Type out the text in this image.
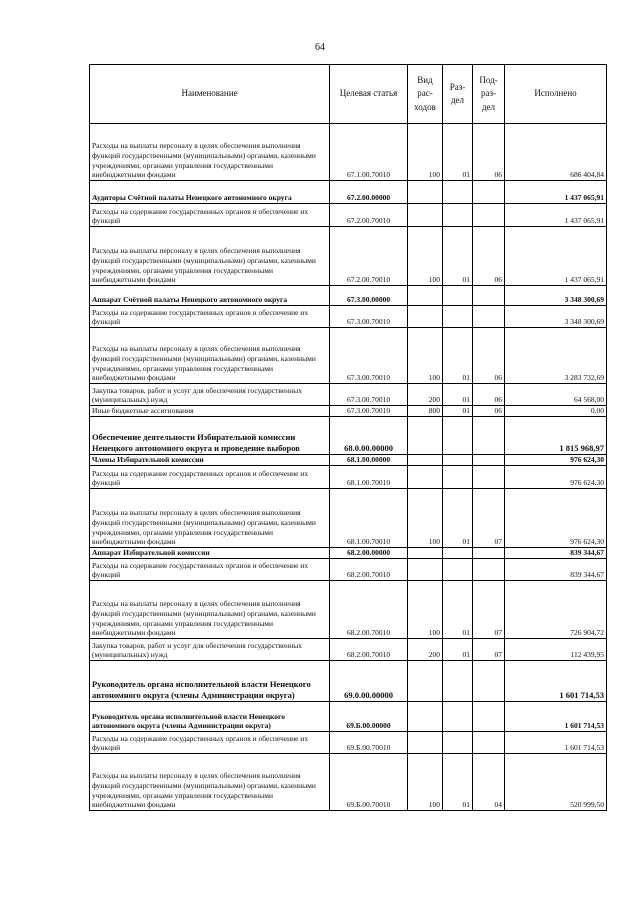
64
Наименование	Целевая статья	Вид рас-ходов	Раз-дел	Под-раз-дел	Исполнено
Расходы на выплаты персоналу в целях обеспечения выполнения функций государственными (муниципальными) органами, казенными учреждениями, органами управления государственными внебюджетными фондами	67.1.00.70010	100	01	06	686 404,84
Аудиторы Счётной палаты Ненецкого автономного округа	67.2.00.00000				1 437 065,91
Расходы на содержание государственных органов и обеспечение их функций	67.2.00.70010				1 437 065,91
Расходы на выплаты персоналу в целях обеспечения выполнения функций государственными (муниципальными) органами, казенными учреждениями, органами управления государственными внебюджетными фондами	67.2.00.70010	100	01	06	1 437 065,91
Аппарат Счётной палаты Ненецкого автономного округа	67.3.00.00000				3 348 300,69
Расходы на содержание государственных органов и обеспечение их функций	67.3.00.70010				3 348 300,69
Расходы на выплаты персоналу в целях обеспечения выполнения функций государственными (муниципальными) органами, казенными учреждениями, органами управления государственными внебюджетными фондами	67.3.00.70010	100	01	06	3 283 732,69
Закупка товаров, работ и услуг для обеспечения государственных (муниципальных) нужд	67.3.00.70010	200	01	06	64 568,00
Иные бюджетные ассигнования	67.3.00.70010	800	01	06	0,00
Обеспечение деятельности Избирательной комиссии Ненецкого автономного округа и проведение выборов	68.0.00.00000				1 815 968,97
Члены Избирательной комиссии	68.1.00.00000				976 624,30
Расходы на содержание государственных органов и обеспечение их функций	68.1.00.70010				976 624,30
Расходы на выплаты персоналу в целях обеспечения выполнения функций государственными (муниципальными) органами, казенными учреждениями, органами управления государственными внебюджетными фондами	68.1.00.70010	100	01	07	976 624,30
Аппарат Избирательной комиссии	68.2.00.00000				839 344,67
Расходы на содержание государственных органов и обеспечение их функций	68.2.00.70010				839 344,67
Расходы на выплаты персоналу в целях обеспечения выполнения функций государственными (муниципальными) органами, казенными учреждениями, органами управления государственными внебюджетными фондами	68.2.00.70010	100	01	07	726 904,72
Закупка товаров, работ и услуг для обеспечения государственных (муниципальных) нужд	68.2.00.70010	200	01	07	112 439,95
Руководитель органа исполнительной власти Ненецкого автономного округа (члены Администрации округа)	69.0.00.00000				1 601 714,53
Руководитель органа исполнительной власти Ненецкого автономного округа (члены Администрации округа)	69.Б.00.00000				1 601 714,53
Расходы на содержание государственных органов и обеспечение их функций	69.Б.00.70010				1 601 714,53
Расходы на выплаты персоналу в целях обеспечения выполнения функций государственными (муниципальными) органами, казенными учреждениями, органами управления государственными внебюджетными фондами	69.Б.00.70010	100	01	04	520 999,50
